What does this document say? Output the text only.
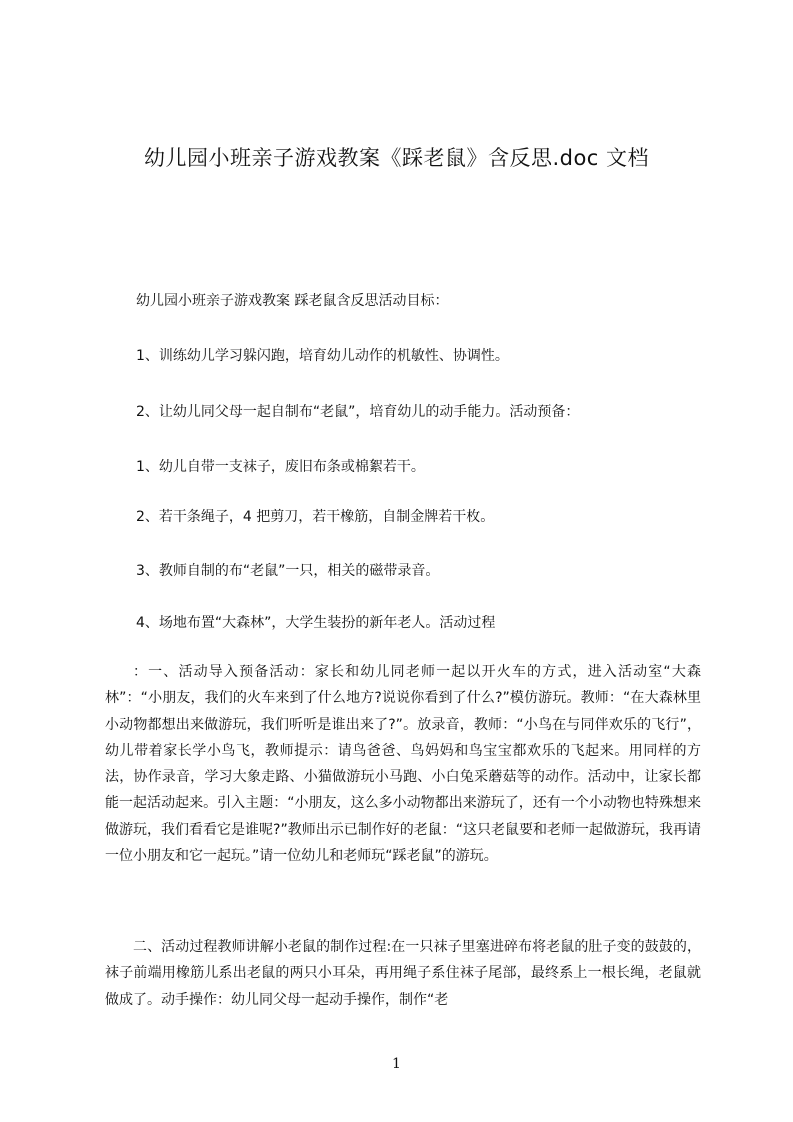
幼儿园小班亲子游戏教案《踩老鼠》含反思.doc 文档
幼儿园小班亲子游戏教案 踩老鼠含反思活动目标：
1、训练幼儿学习躲闪跑，培育幼儿动作的机敏性、协调性。
2、让幼儿同父母一起自制布“老鼠”，培育幼儿的动手能力。活动预备：
1、幼儿自带一支袜子，废旧布条或棉絮若干。
2、若干条绳子，4 把剪刀，若干橡筋，自制金牌若干枚。
3、教师自制的布“老鼠”一只，相关的磁带录音。
4、场地布置“大森林”，大学生装扮的新年老人。活动过程
：一、活动导入预备活动：家长和幼儿同老师一起以开火车的方式，进入活动室“大森林”：“小朋友，我们的火车来到了什么地方?说说你看到了什么?”模仿游玩。教师：“在大森林里小动物都想出来做游玩，我们听听是谁出来了?”。放录音，教师：“小鸟在与同伴欢乐的飞行”，幼儿带着家长学小鸟飞，教师提示：请鸟爸爸、鸟妈妈和鸟宝宝都欢乐的飞起来。用同样的方法，协作录音，学习大象走路、小猫做游玩小马跑、小白兔采蘑菇等的动作。活动中，让家长都能一起活动起来。引入主题：“小朋友，这么多小动物都出来游玩了，还有一个小动物也特殊想来做游玩，我们看看它是谁呢?”教师出示已制作好的老鼠：“这只老鼠要和老师一起做游玩，我再请一位小朋友和它一起玩。”请一位幼儿和老师玩“踩老鼠”的游玩。
二、活动过程教师讲解小老鼠的制作过程:在一只袜子里塞进碎布将老鼠的肚子变的鼓鼓的，袜子前端用橡筋儿系出老鼠的两只小耳朵，再用绳子系住袜子尾部，最终系上一根长绳，老鼠就做成了。动手操作：幼儿同父母一起动手操作，制作“老
1
